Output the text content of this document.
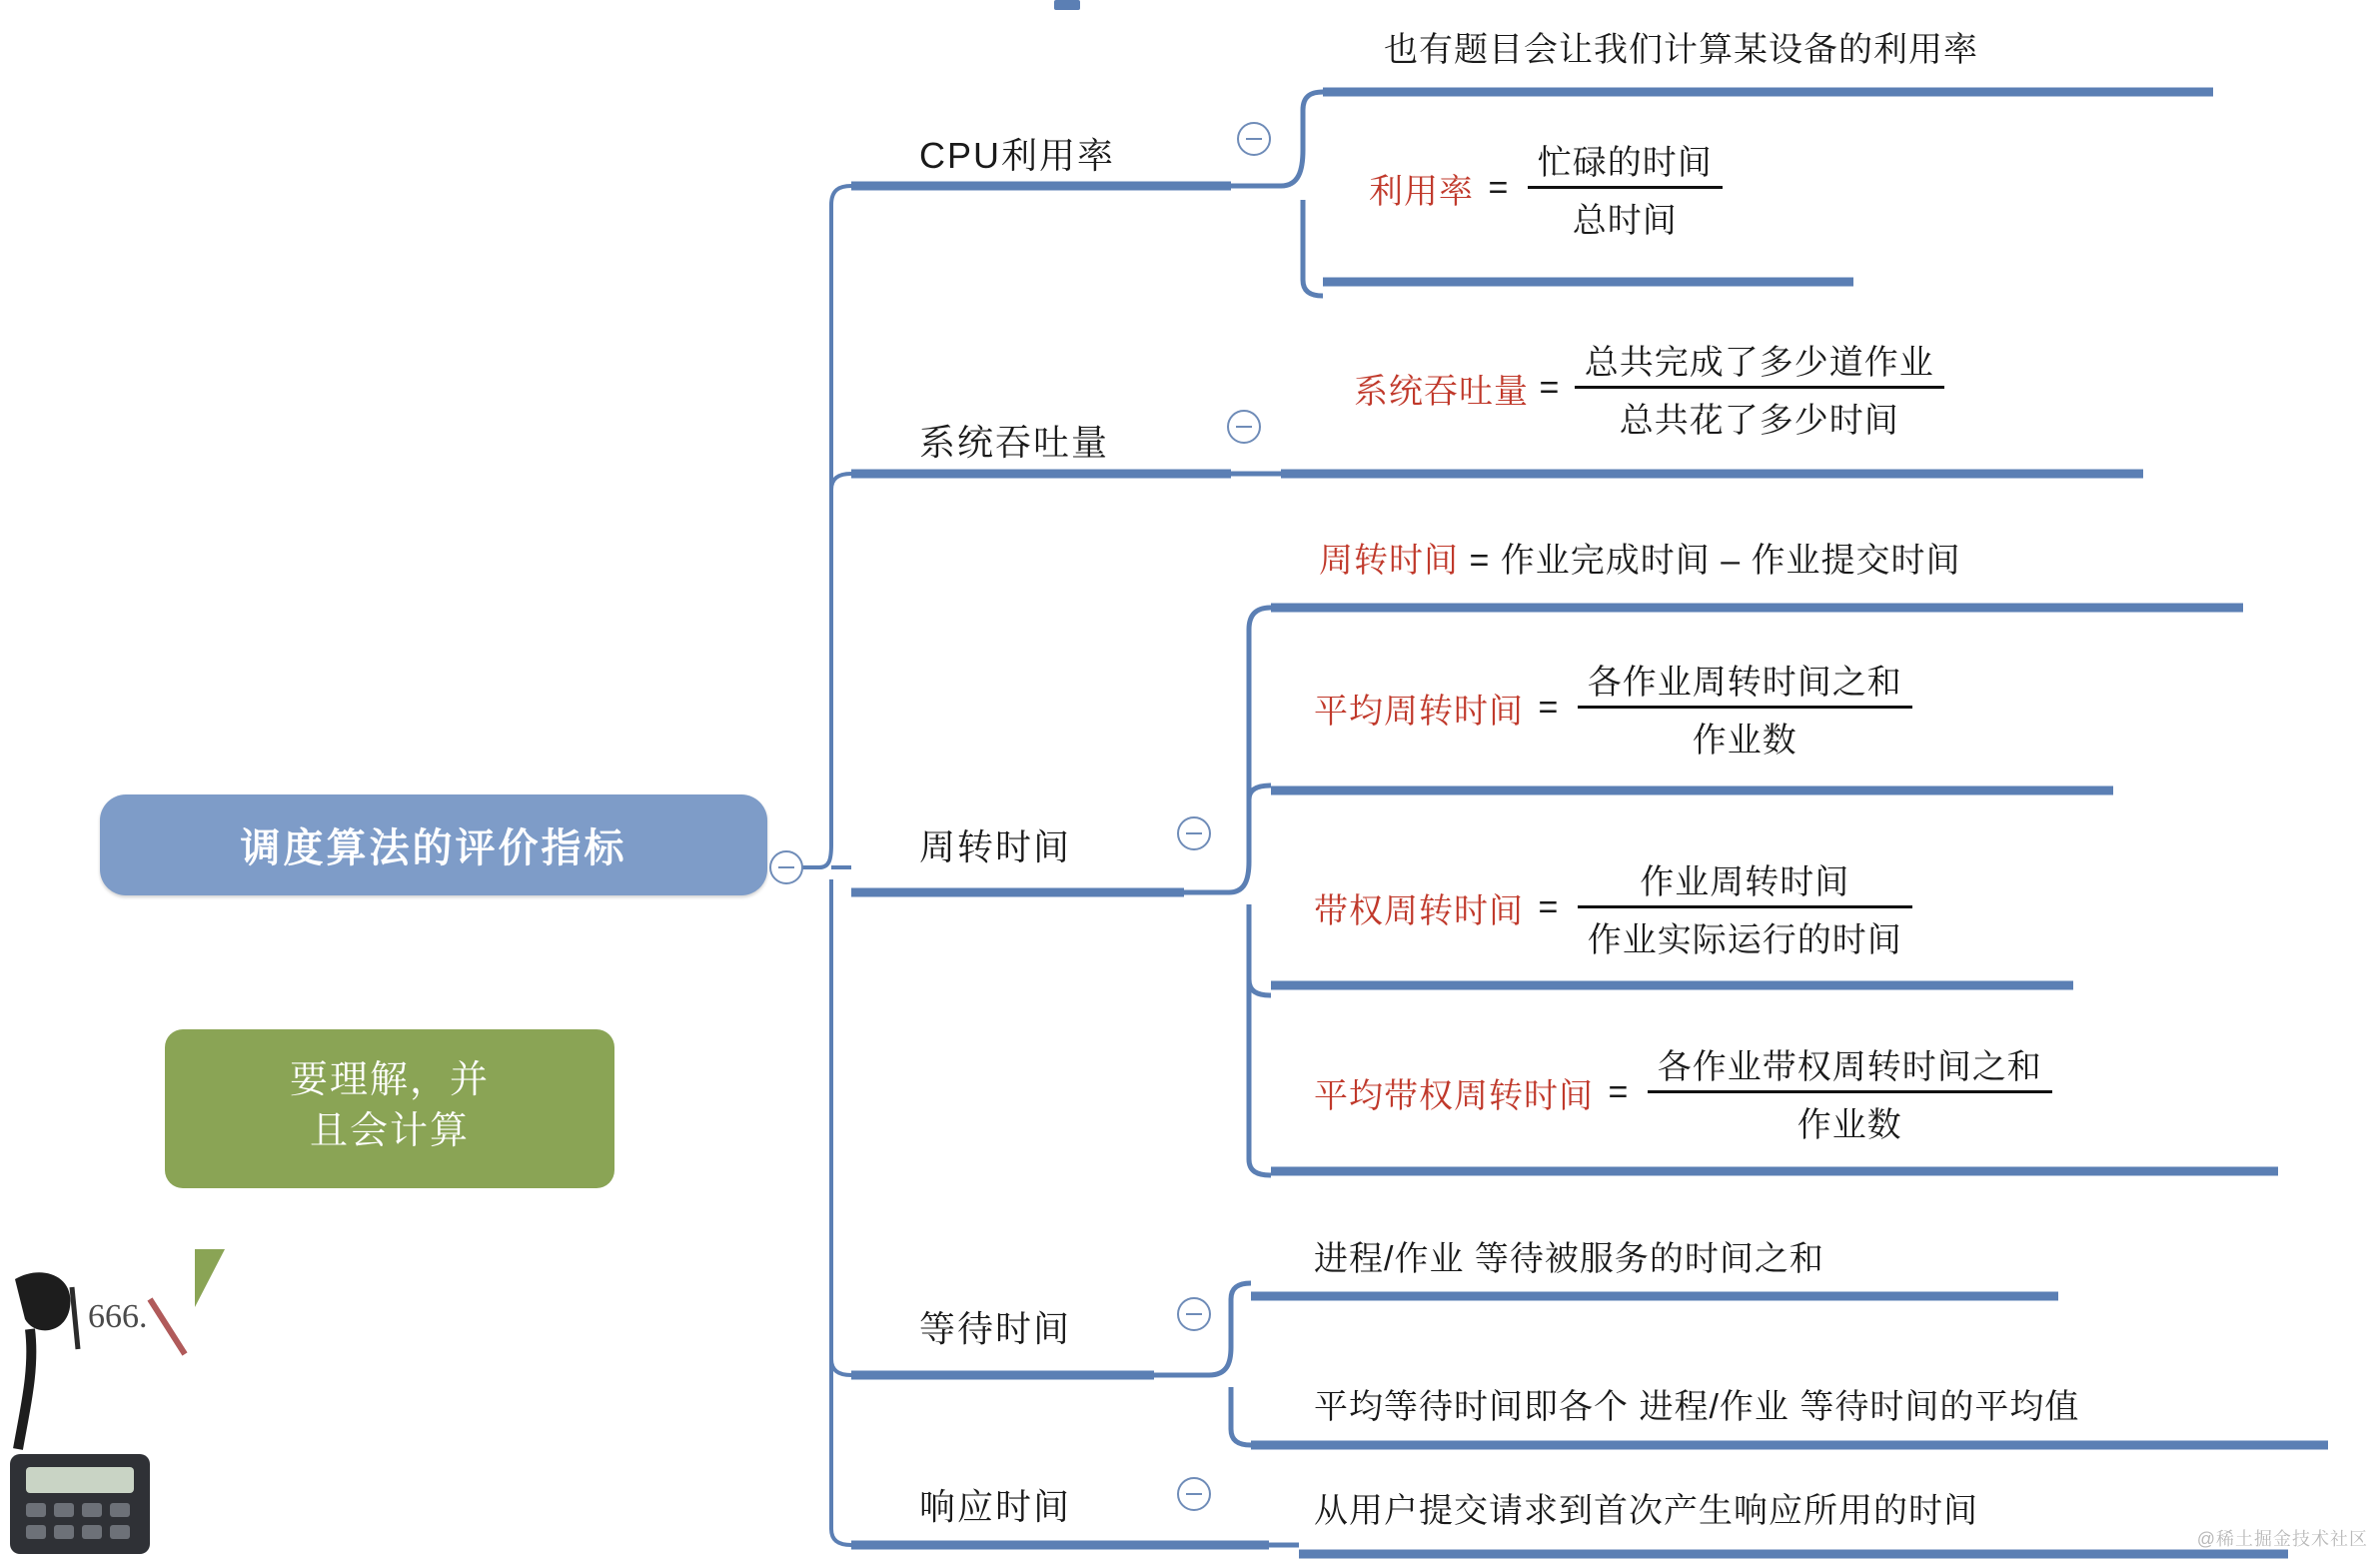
调度算法的评价指标
CPU利用率
也有题目会让我们计算某设备的利用率
利用率 = $\frac{\text{忙碌的时间}}{\text{总时间}}$
系统吞吐量
系统吞吐量 = $\frac{\text{总共完成了多少道作业}}{\text{总共花了多少时间}}$
周转时间
周转时间 = 作业完成时间 – 作业提交时间
平均周转时间 = $\frac{\text{各作业周转时间之和}}{\text{作业数}}$
带权周转时间 = $\frac{\text{作业周转时间}}{\text{作业实际运行的时间}}$
平均带权周转时间 = $\frac{\text{各作业带权周转时间之和}}{\text{作业数}}$
等待时间
进程/作业 等待被服务的时间之和
平均等待时间即各个 进程/作业 等待时间的平均值
响应时间	从用户提交请求到首次产生响应所用的时间
要理解，并
且会计算
666.
@稀土掘金技术社区
